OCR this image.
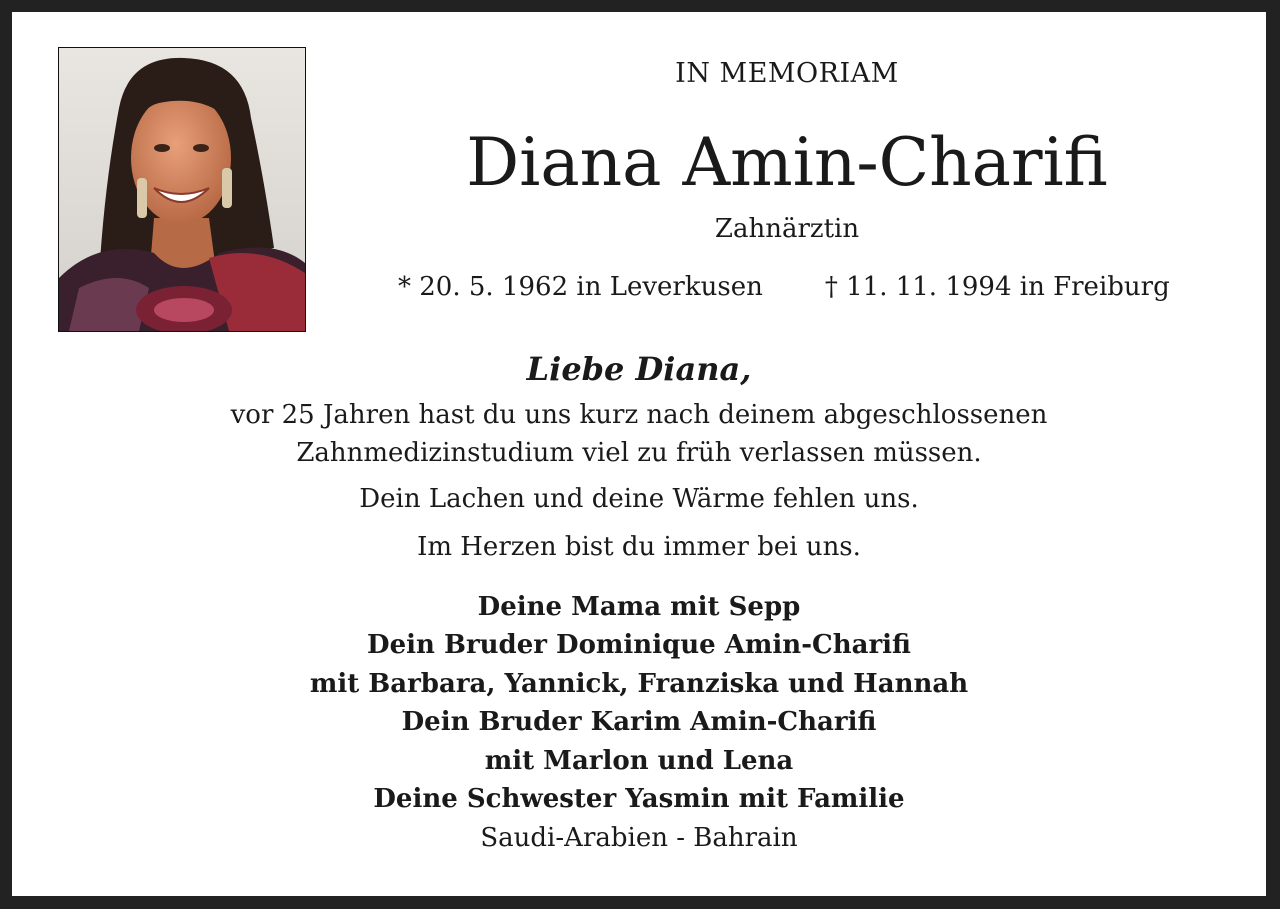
IN MEMORIAM
Diana Amin-Charifi
Zahnärztin
* 20. 5. 1962 in Leverkusen † 11. 11. 1994 in Freiburg
Liebe Diana,
vor 25 Jahren hast du uns kurz nach deinem abgeschlossenen
Zahnmedizinstudium viel zu früh verlassen müssen.
Dein Lachen und deine Wärme fehlen uns.
Im Herzen bist du immer bei uns.
Deine Mama mit Sepp
Dein Bruder Dominique Amin-Charifi
mit Barbara, Yannick, Franziska und Hannah
Dein Bruder Karim Amin-Charifi
mit Marlon und Lena
Deine Schwester Yasmin mit Familie
Saudi-Arabien - Bahrain
